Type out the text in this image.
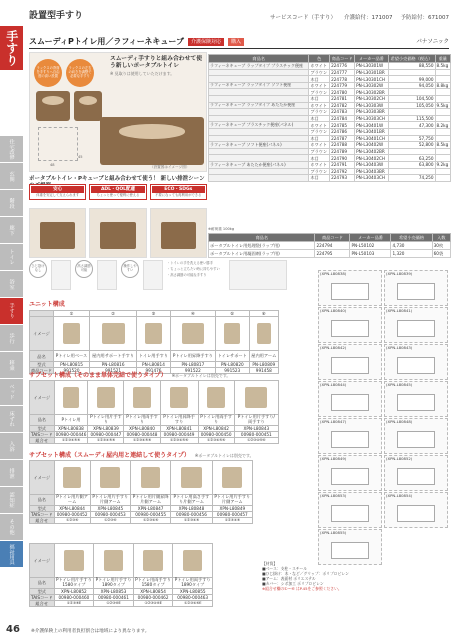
手すり
住宅改修
玄関
階段
廊下
トイレ
浴室
手すり
歩行
移乗
ベッド
床ずれ
入浴
排泄
認知症
その他
福祉用具
設置型手すり	サービスコード（手すり） 介護給付：171007 予防給付：671007
スムーディPトイレ用／ラフィーネキューブ	介護保険対応	購入	パナソニック
ラックスの背面を手すりへ自由度の高い設置
ラックスの左右の向きを調整で必要な手すり
45
48	（設置図はイメージ図）
スムーディ手すりと組み合わせて使う新しいポータブルトイレ
※ 見取りは使用していただけます。
ポータブルトイレ・Pキューブと組み合わせて使う！ 新しい排泄シーン
安心
体重を安定して支えられます
ADL・QOL配慮
ちょっと使って便利に使える
ECO・SDGs
不要になっても再利用ができる
ひじ掛けなし
高さ調節可能
操作しやすい
・トイレの手を洗える使い勝手
・ちょっと立ちたい時に持ちやすい
・高さ調節の可能な手すり
商品名	色	商品コード	メーカー品番	希望小売価格（税込）	重量
ラフィーネキューブ ラップタイプ プラスチック便座	ホワイト	224776	PN-L30301W	88,550	8.5kg
	ブラウン	224777	PN-L30301BR		
	木目	224778	PN-L30301CH	99,000	
ラフィーネキューブ ラップタイプ ソフト便座	ホワイト	224779	PN-L30302W	94,050	8.8kg
	ブラウン	224780	PN-L30302BR		
	木目	224781	PN-L30302CH	104,500	
ラフィーネキューブ ラップタイプ あたたか便座	ホワイト	224782	PN-L30303W	105,050	9.5kg
	ブラウン	224783	PN-L30303BR		
	木目	224784	PN-L30303CH	115,500	
ラフィーネキューブ プラスチック便座(パネル)	ホワイト	224785	PN-L30401W	47,300	8.2kg
	ブラウン	224786	PN-L30401BR		
	木目	224787	PN-L30401CH	57,750	
ラフィーネキューブ ソフト便座(パネル)	ホワイト	224788	PN-L30402W	52,800	8.5kg
	ブラウン	224789	PN-L30402BR		
	木目	224790	PN-L30402CH	63,250	
ラフィーネキューブ あたたか便座(パネル)	ホワイト	224791	PN-L30403W	63,800	9.2kg
	ブラウン	224792	PN-L30403BR		
	木目	224793	PN-L30403CH	74,250	
※耐荷重 100kg
商品名	商品コード	メーカー品番	希望小売価格	入数
ポータブルトイレ用処理袋(ラップ用)	224794	PN-L50102	4,730	30枚
ポータブルトイレ用凝固剤(ラップ用)	224795	PN-L50103	1,320	60袋
ユニット構成
	①	②	③	④	⑤	⑥
イメージ	

品名	Pトイレ用ベース	屋内用サポート手すり	トイレ用手すり	Pトイレ用昇降手すり	トイレサポート	屋内用アーム
型式	PN-L80815	PN-L80816	PN-L80814	PN-L80817	PN-L80820	PN-L80809
商品コード	991520	991521	991476	991522	991523	991458
サブセット構成（そのまま単体完結で使うタイプ） ※ポータブルトイレは別売です。
イメージ	

品名	Pトイレ用	Pトイレ用片手すり	Pトイレ用両手すり	Pトイレ用昇降手すり	Pトイレ用両手すり	Pトイレ用片手すり/両手すり
型式	XPN-L80838	XPN-L80839	XPN-L80840	XPN-L80841	XPN-L80842	XPN-L80843
TAISコード	00980-000446	00980-000447	00980-000448	00980-000449	00980-000450	00980-000451
組合せ	①②③④⑤⑥	①②③④⑤⑥	①②③④⑤⑥	①②③④⑤⑥	①②③④⑤⑥	①②③④⑤⑥
サブセット構成（スムーディ屋内用と連結して使うタイプ） ※ポータブルトイレは別売です。
イメージ	

品名	Pトイレ用片側アーム	Pトイレ用片手すり片側アーム	Pトイレ用片側昇降片側アーム	Pトイレ用高さ手すり片側アーム	Pトイレ用片手すり片側アーム
型式	XPN-L80844	XPN-L80845	XPN-L80847	XPN-L80848	XPN-L80849
TAISコード	00980-000452	00980-000453	00980-000455	00980-000456	00980-000457
組合せ	①②③⑥	①②③⑥	①②③④⑥	①②③④⑥	①②③④⑥
イメージ	

品名	Pトイレ用片手すり1580タイプ	Pトイレ用片手すり1890タイプ	Pトイレ用両手すり1580タイプ	Pトイレ用両手すり1890タイプ
型式	XPN-L80852	XPN-L80853	XPN-L80854	XPN-L80855
TAISコード	00980-000460	00980-000461	00980-000462	00980-000463
組合せ	①②③⑥E	①②③⑥E	①②③④⑥E	①②③④⑥E
(XPN-L80838)	(XPN-L80839)
(XPN-L80840)	(XPN-L80841)
(XPN-L80842)	(XPN-L80843)
(XPN-L80844)	(XPN-L80845)
(XPN-L80847)	(XPN-L80848)
(XPN-L80849)	(XPN-L80852)
(XPN-L80853)	(XPN-L80854)
(XPN-L80855)
【材質】
■ベース：支柱・スチール
■ひじ掛け：木・など／グリップ：ポリプロピレン
■アーム：表面材 ポリエステル
■カバー：シボ加工 ポリプロピレン
※組合せ欄の①～⑥ はP.45をご参照ください。
46 ※介護保険上の利用者負担割合は地域により異なります。
